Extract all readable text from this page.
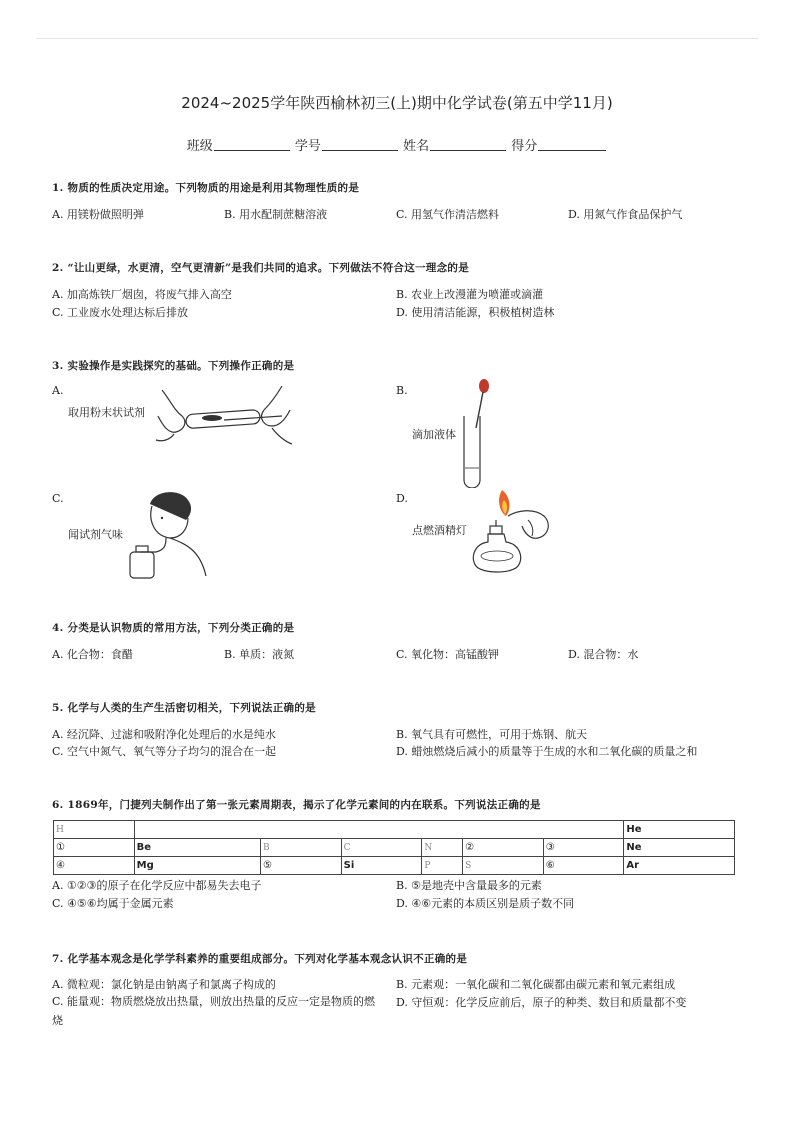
2024~2025学年陕西榆林初三(上)期中化学试卷(第五中学11月)
班级	学号	姓名	得分
1. 物质的性质决定用途。下列物质的用途是利用其物理性质的是
A. 用镁粉做照明弹	B. 用水配制蔗糖溶液	C. 用氢气作清洁燃料	D. 用氮气作食品保护气
2. “让山更绿，水更清，空气更清新”是我们共同的追求。下列做法不符合这一理念的是
A. 加高炼铁厂烟囱，将废气排入高空	B. 农业上改漫灌为喷灌或滴灌
C. 工业废水处理达标后排放	D. 使用清洁能源，积极植树造林
3. 实验操作是实践探究的基础。下列操作正确的是
A.
取用粉末状试剂
B.
滴加液体
C.
闻试剂气味
D.
点燃酒精灯
4. 分类是认识物质的常用方法，下列分类正确的是
A. 化合物：食醋	B. 单质：液氮	C. 氧化物：高锰酸钾	D. 混合物：水
5. 化学与人类的生产生活密切相关，下列说法正确的是
A. 经沉降、过滤和吸附净化处理后的水是纯水	B. 氧气具有可燃性，可用于炼钢、航天
C. 空气中氮气、氧气等分子均匀的混合在一起	D. 蜡烛燃烧后减小的质量等于生成的水和二氧化碳的质量之和
6. 1869年，门捷列夫制作出了第一张元素周期表，揭示了化学元素间的内在联系。下列说法正确的是
H							He
①	Be	B	C	N	②	③	Ne
④	Mg	⑤	Si	P	S	⑥	Ar
A. ①②③的原子在化学反应中都易失去电子	B. ⑤是地壳中含量最多的元素
C. ④⑤⑥均属于金属元素	D. ④⑥元素的本质区别是质子数不同
7. 化学基本观念是化学学科素养的重要组成部分。下列对化学基本观念认识不正确的是
A. 微粒观：氯化钠是由钠离子和氯离子构成的	B. 元素观：一氧化碳和二氧化碳都由碳元素和氧元素组成
C. 能量观：物质燃烧放出热量，则放出热量的反应一定是物质的燃烧
D. 守恒观：化学反应前后，原子的种类、数目和质量都不变
